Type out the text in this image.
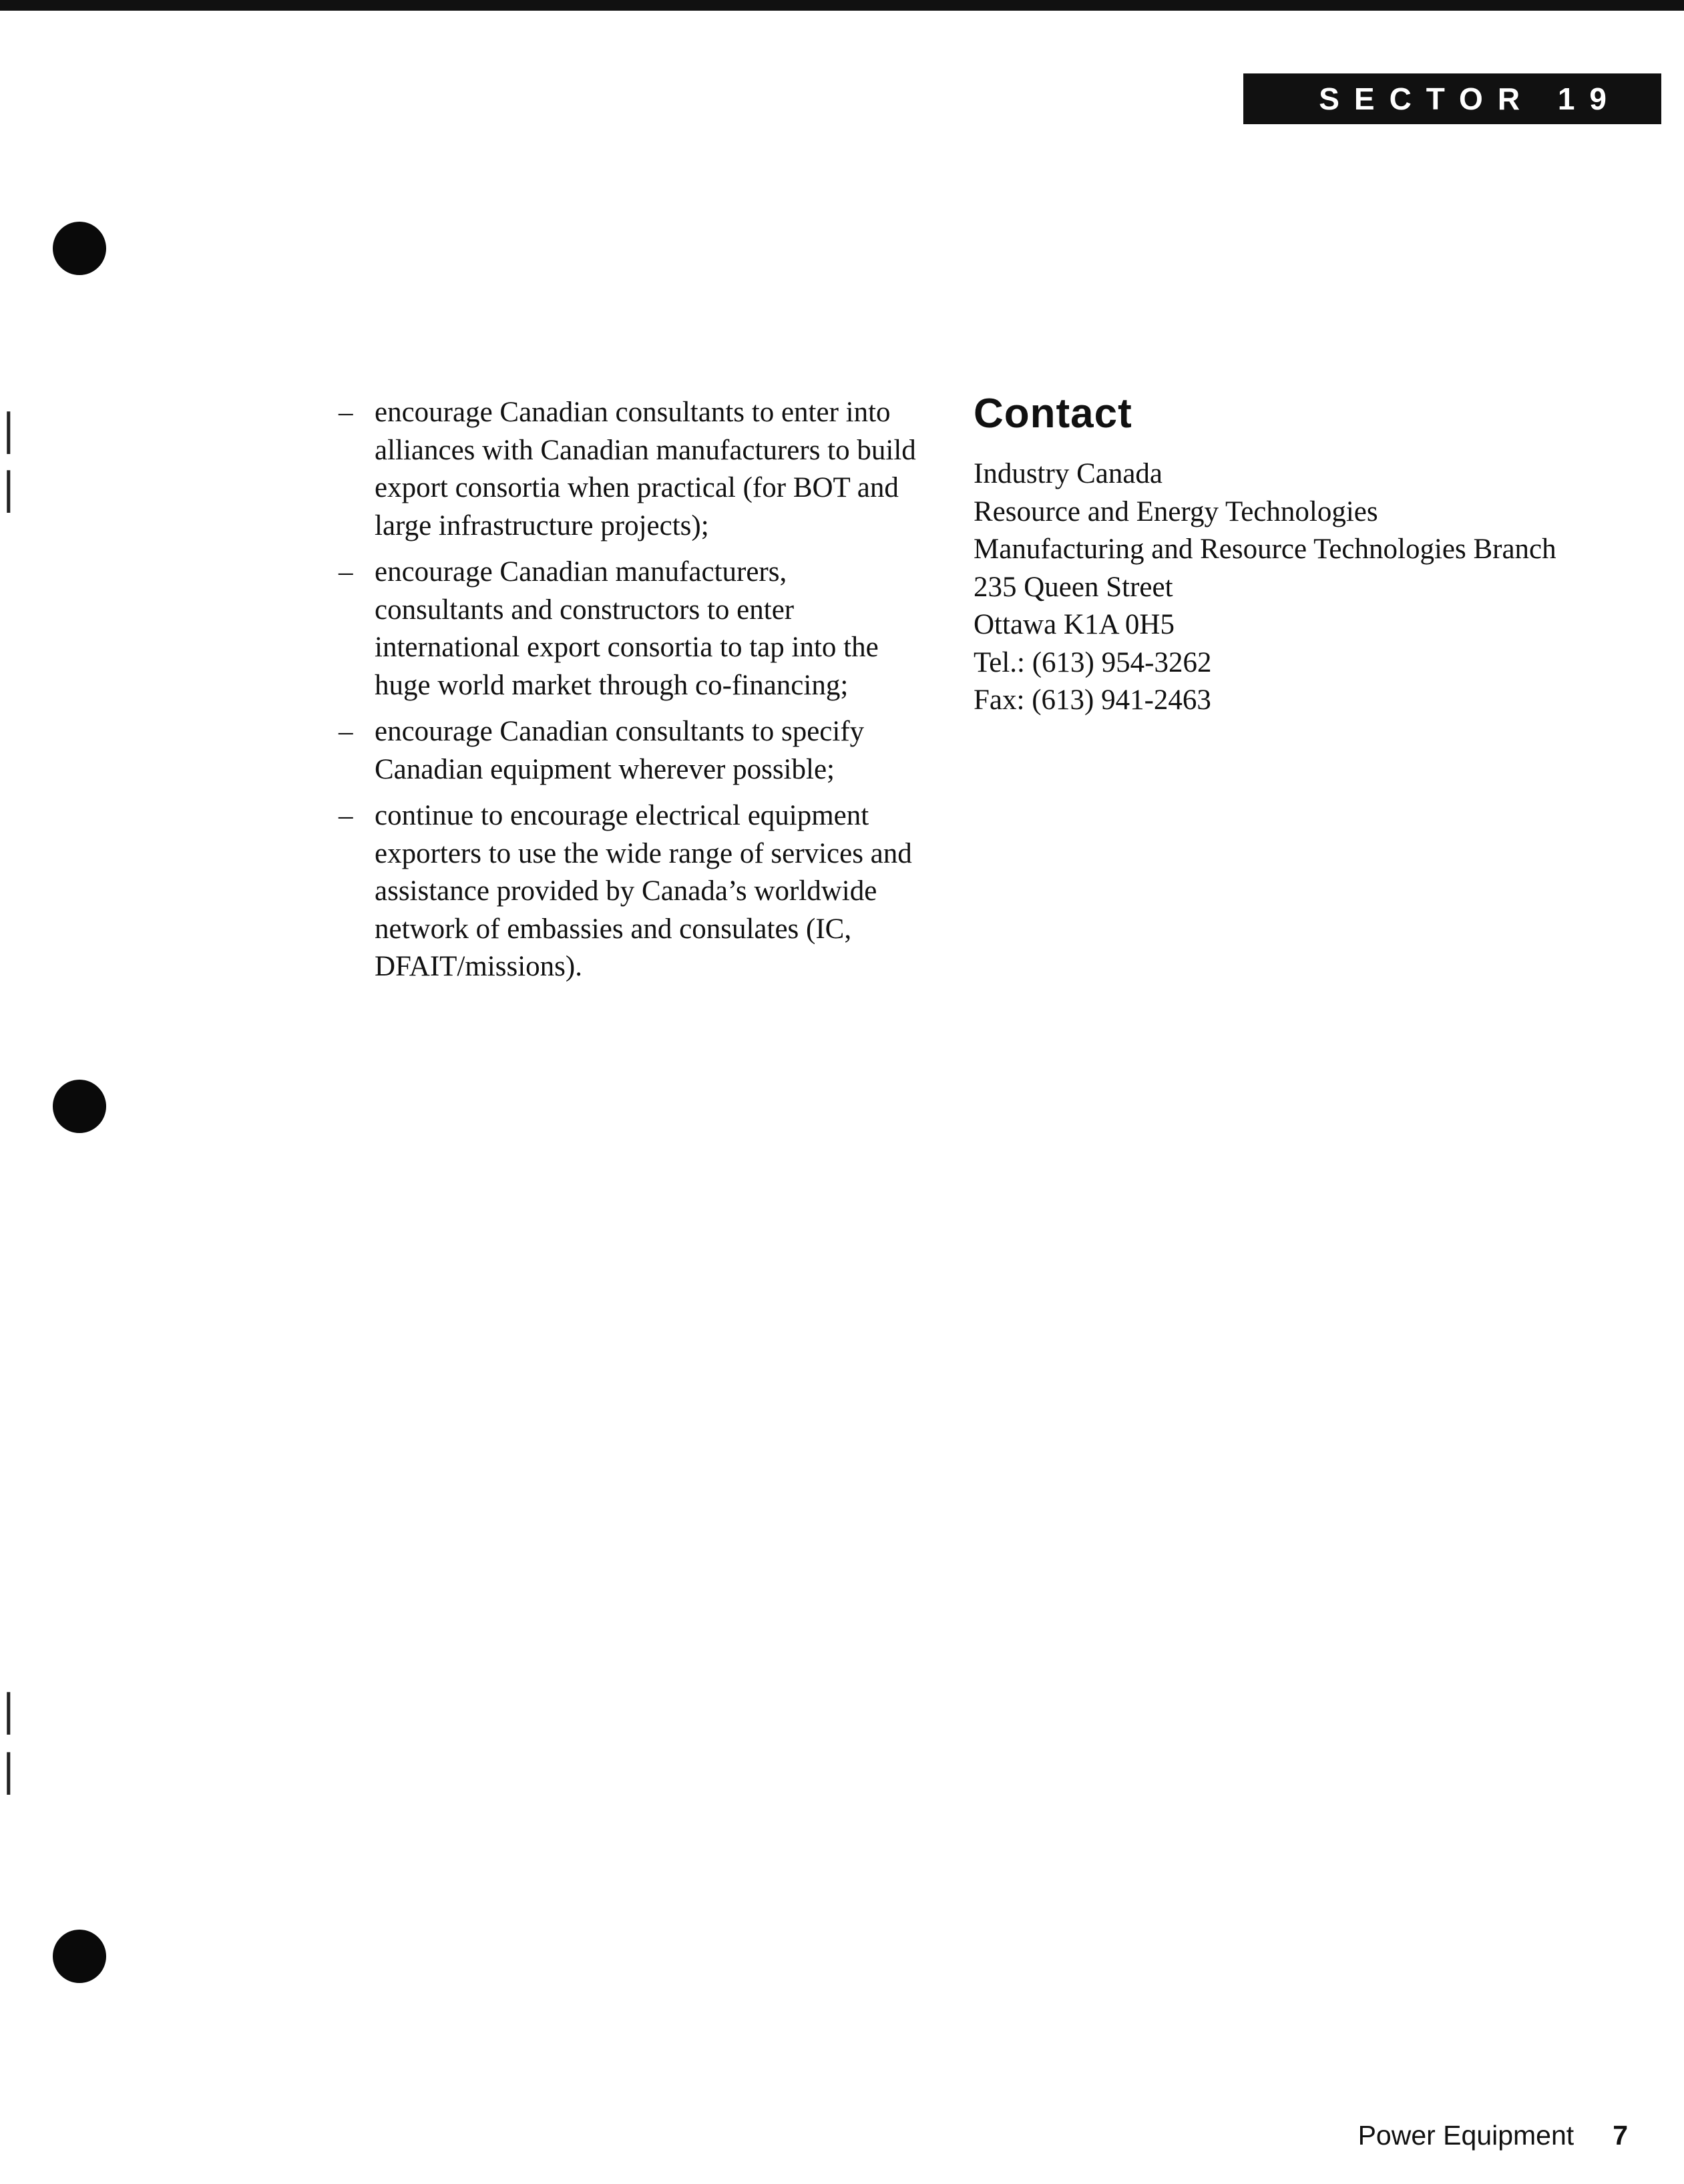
SECTOR 19
|
|
|
|
– encourage Canadian consultants to enter into alliances with Canadian manufacturers to build export consortia when practical (for BOT and large infrastructure projects);
– encourage Canadian manufacturers, consultants and constructors to enter international export consortia to tap into the huge world market through co-financing;
– encourage Canadian consultants to specify Canadian equipment wherever possible;
– continue to encourage electrical equipment exporters to use the wide range of services and assistance provided by Canada’s worldwide network of embassies and consulates (IC, DFAIT/missions).
Contact
Industry Canada
Resource and Energy Technologies
Manufacturing and Resource Technologies Branch
235 Queen Street
Ottawa K1A 0H5
Tel.: (613) 954-3262
Fax: (613) 941-2463
Power Equipment 7
